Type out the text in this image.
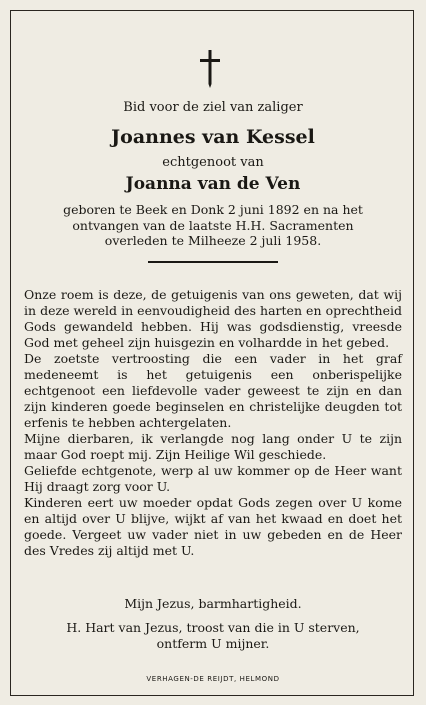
Bid voor de ziel van zaliger
Joannes van Kessel
echtgenoot van
Joanna van de Ven
geboren te Beek en Donk 2 juni 1892 en na het
ontvangen van de laatste H.H. Sacramenten
overleden te Milheeze 2 juli 1958.

Onze roem is deze, de getuigenis van ons geweten, dat wij in deze wereld in eenvoudigheid des harten en oprechtheid Gods gewandeld hebben. Hij was godsdienstig, vreesde God met geheel zijn huisgezin en volhardde in het gebed.

De zoetste vertroosting die een vader in het graf medeneemt is het getuigenis een onberispelijke echtgenoot een liefdevolle vader geweest te zijn en dan zijn kinderen goede beginselen en christelijke deugden tot erfenis te hebben achtergelaten.

Mijne dierbaren, ik verlangde nog lang onder U te zijn maar God roept mij. Zijn Heilige Wil geschiede.

Geliefde echtgenote, werp al uw kommer op de Heer want Hij draagt zorg voor U.

Kinderen eert uw moeder opdat Gods zegen over U kome en altijd over U blijve, wijkt af van het kwaad en doet het goede. Vergeet uw vader niet in uw gebeden en de Heer des Vredes zij altijd met U.

Mijn Jezus, barmhartigheid.
H. Hart van Jezus, troost van die in U sterven,
ontferm U mijner.
VERHAGEN-DE REIJDT, HELMOND
